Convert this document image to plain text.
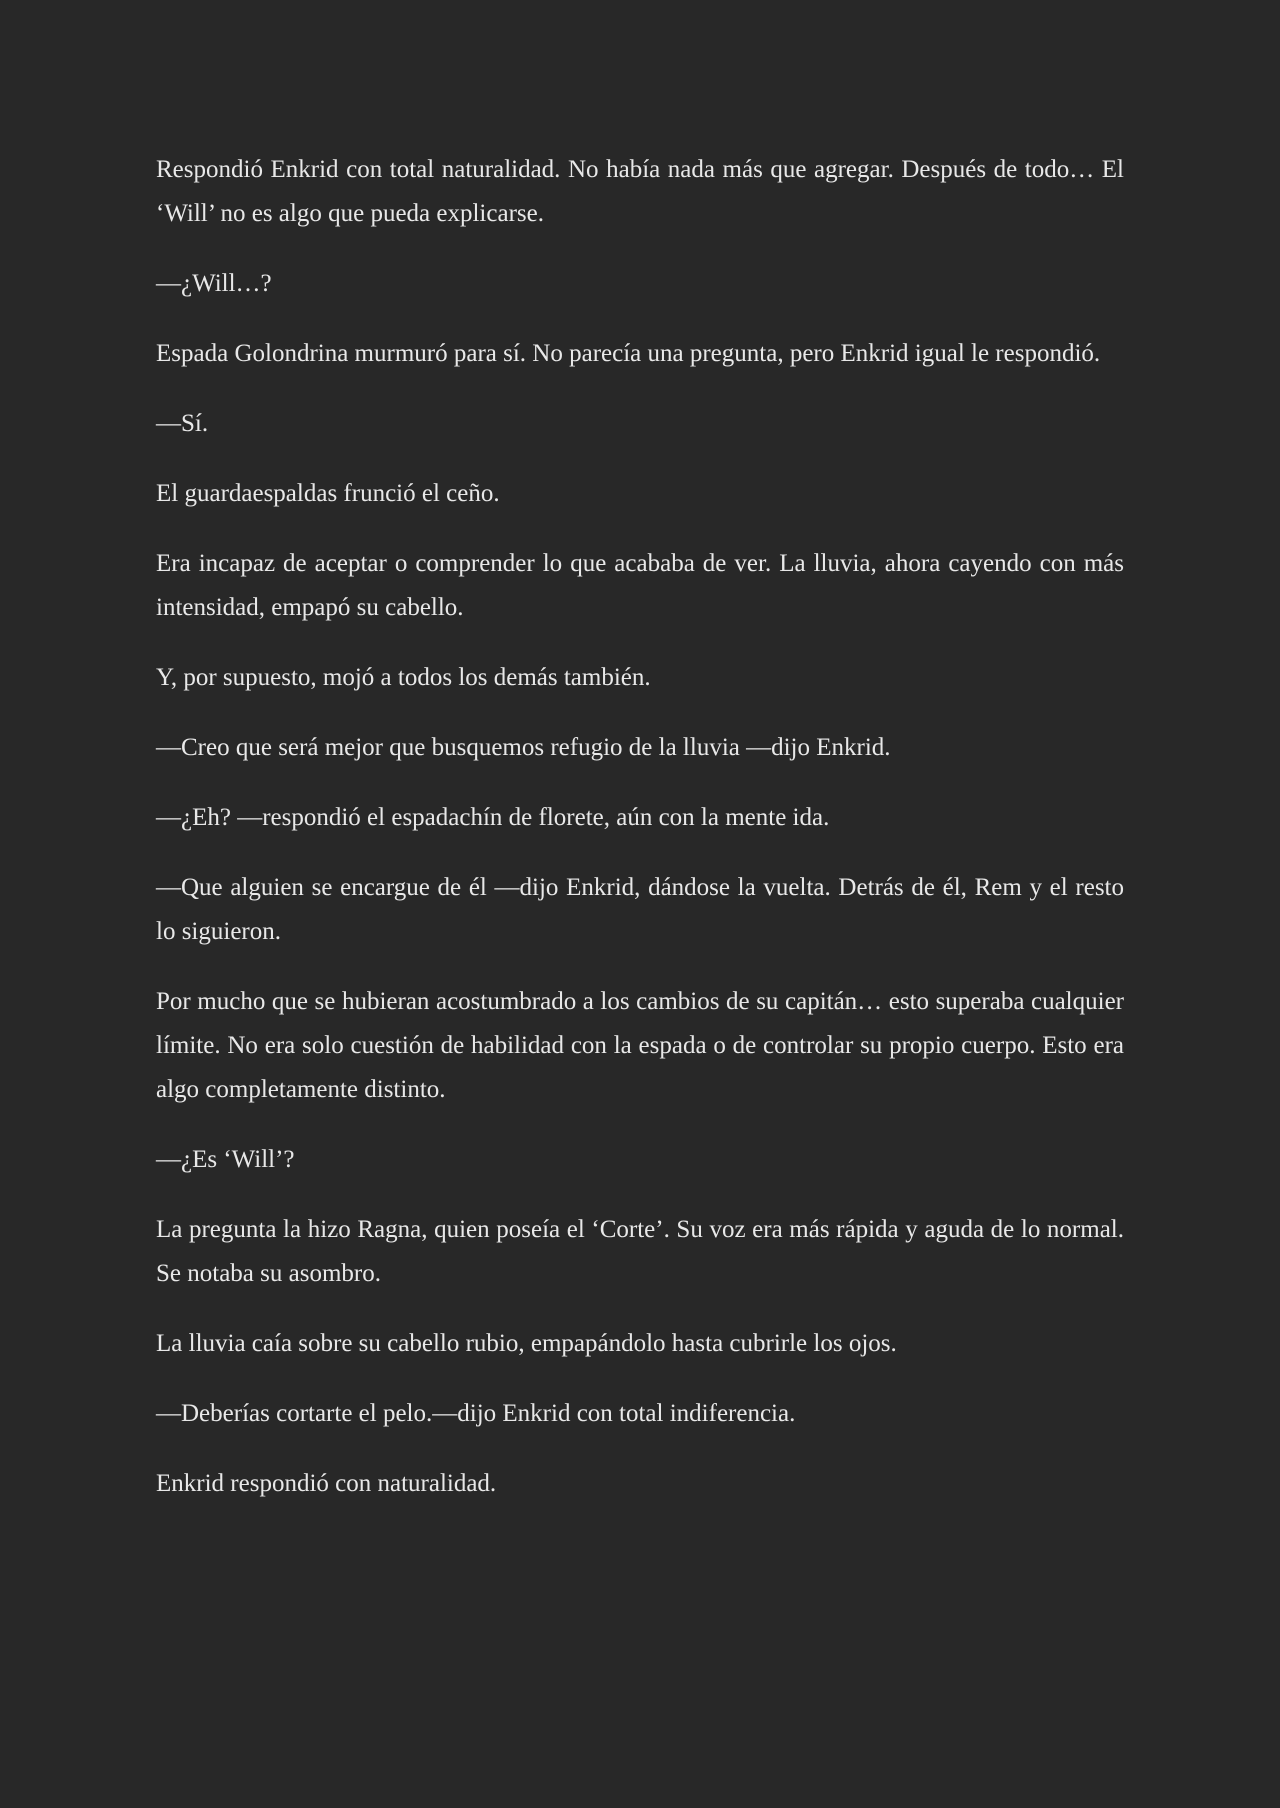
Respondió Enkrid con total naturalidad. No había nada más que agregar. Después de todo… El ‘Will’ no es algo que pueda explicarse.

—¿Will…?

Espada Golondrina murmuró para sí. No parecía una pregunta, pero Enkrid igual le respondió.

—Sí.

El guardaespaldas frunció el ceño.

Era incapaz de aceptar o comprender lo que acababa de ver. La lluvia, ahora cayendo con más intensidad, empapó su cabello.

Y, por supuesto, mojó a todos los demás también.

—Creo que será mejor que busquemos refugio de la lluvia —dijo Enkrid.

—¿Eh? —respondió el espadachín de florete, aún con la mente ida.

—Que alguien se encargue de él —dijo Enkrid, dándose la vuelta. Detrás de él, Rem y el resto lo siguieron.

Por mucho que se hubieran acostumbrado a los cambios de su capitán… esto superaba cualquier límite. No era solo cuestión de habilidad con la espada o de controlar su propio cuerpo. Esto era algo completamente distinto.

—¿Es ‘Will’?

La pregunta la hizo Ragna, quien poseía el ‘Corte’. Su voz era más rápida y aguda de lo normal. Se notaba su asombro.

La lluvia caía sobre su cabello rubio, empapándolo hasta cubrirle los ojos.

—Deberías cortarte el pelo.—dijo Enkrid con total indiferencia.

Enkrid respondió con naturalidad.
